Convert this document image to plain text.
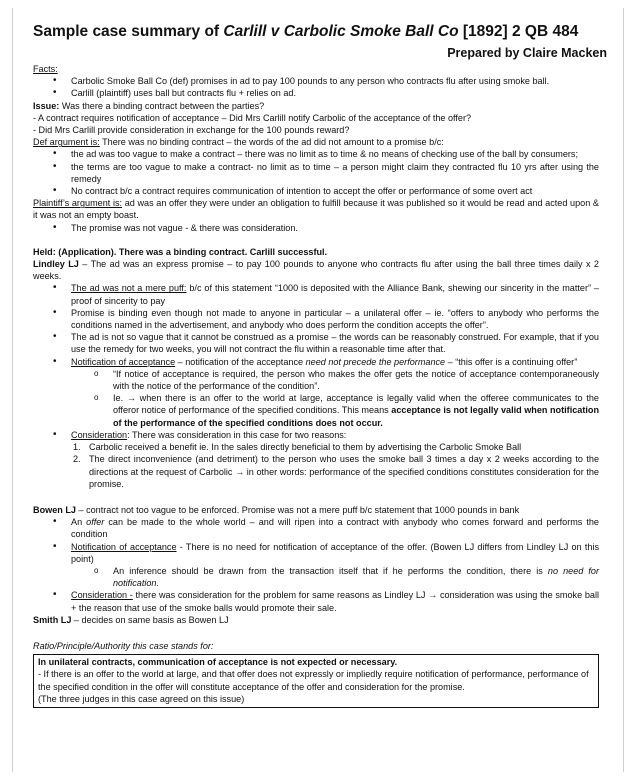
Sample case summary of Carlill v Carbolic Smoke Ball Co [1892] 2 QB 484
Prepared by Claire Macken

Facts:

• Carbolic Smoke Ball Co (def) promises in ad to pay 100 pounds to any person who contracts flu after using smoke ball.
• Carlill (plaintiff) uses ball but contracts flu + relies on ad.

Issue: Was there a binding contract between the parties?

- A contract requires notification of acceptance – Did Mrs Carlill notify Carbolic of the acceptance of the offer?

- Did Mrs Carlill provide consideration in exchange for the 100 pounds reward?

Def argument is: There was no binding contract – the words of the ad did not amount to a promise b/c:

• the ad was too vague to make a contract – there was no limit as to time & no means of checking use of the ball by consumers;
• the terms are too vague to make a contract- no limit as to time – a person might claim they contracted flu 10 yrs after using the remedy
• No contract b/c a contract requires communication of intention to accept the offer or performance of some overt act

Plaintiff’s argument is: ad was an offer they were under an obligation to fulfill because it was published so it would be read and acted upon & it was not an empty boast.

• The promise was not vague - & there was consideration.

Held: (Application). There was a binding contract. Carlill successful.

Lindley LJ – The ad was an express promise – to pay 100 pounds to anyone who contracts flu after using the ball three times daily x 2 weeks.

• The ad was not a mere puff: b/c of this statement “1000 is deposited with the Alliance Bank, shewing our sincerity in the matter” – proof of sincerity to pay
• Promise is binding even though not made to anyone in particular – a unilateral offer – ie. “offers to anybody who performs the conditions named in the advertisement, and anybody who does perform the condition accepts the offer”.
• The ad is not so vague that it cannot be construed as a promise – the words can be reasonably construed. For example, that if you use the remedy for two weeks, you will not contract the flu within a reasonable time after that.
• Notification of acceptance – notification of the acceptance need not precede the performance – “this offer is a continuing offer”
o “If notice of acceptance is required, the person who makes the offer gets the notice of acceptance contemporaneously with the notice of the performance of the condition”.
o Ie. → when there is an offer to the world at large, acceptance is legally valid when the offeree communicates to the offeror notice of performance of the specified conditions. This means acceptance is not legally valid when notification of the performance of the specified conditions does not occur.
• Consideration: There was consideration in this case for two reasons:
1. Carbolic received a benefit ie. In the sales directly beneficial to them by advertising the Carbolic Smoke Ball
2. The direct inconvenience (and detriment) to the person who uses the smoke ball 3 times a day x 2 weeks according to the directions at the request of Carbolic → in other words: performance of the specified conditions constitutes consideration for the promise.

Bowen LJ – contract not too vague to be enforced. Promise was not a mere puff b/c statement that 1000 pounds in bank

• An offer can be made to the whole world – and will ripen into a contract with anybody who comes forward and performs the condition
• Notification of acceptance - There is no need for notification of acceptance of the offer. (Bowen LJ differs from Lindley LJ on this point)
o An inference should be drawn from the transaction itself that if he performs the condition, there is no need for notification.
• Consideration - there was consideration for the problem for same reasons as Lindley LJ → consideration was using the smoke ball + the reason that use of the smoke balls would promote their sale.

Smith LJ – decides on same basis as Bowen LJ

Ratio/Principle/Authority this case stands for:

In unilateral contracts, communication of acceptance is not expected or necessary.

- If there is an offer to the world at large, and that offer does not expressly or impliedly require notification of performance, performance of the specified condition in the offer will constitute acceptance of the offer and consideration for the promise.

(The three judges in this case agreed on this issue)
